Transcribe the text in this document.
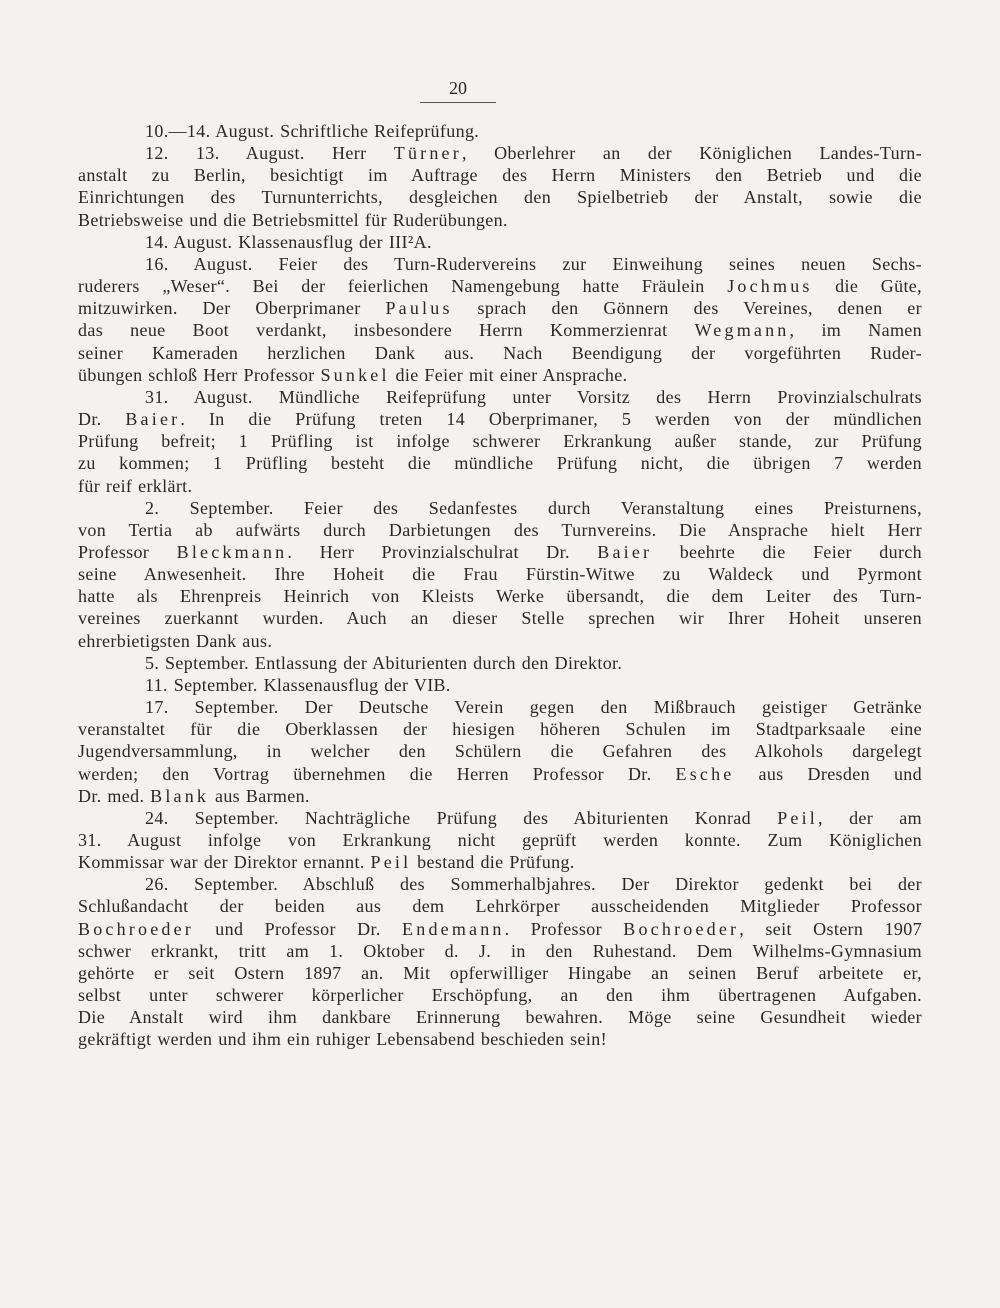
20
10.—14. August. Schriftliche Reifeprüfung.
12. 13. August. Herr Türner, Oberlehrer an der Königlichen Landes-Turn-
anstalt zu Berlin, besichtigt im Auftrage des Herrn Ministers den Betrieb und die
Einrichtungen des Turnunterrichts, desgleichen den Spielbetrieb der Anstalt, sowie die
Betriebsweise und die Betriebsmittel für Ruderübungen.
14. August. Klassenausflug der III²A.
16. August. Feier des Turn-Rudervereins zur Einweihung seines neuen Sechs-
ruderers „Weser“. Bei der feierlichen Namengebung hatte Fräulein Jochmus die Güte,
mitzuwirken. Der Oberprimaner Paulus sprach den Gönnern des Vereines, denen er
das neue Boot verdankt, insbesondere Herrn Kommerzienrat Wegmann, im Namen
seiner Kameraden herzlichen Dank aus. Nach Beendigung der vorgeführten Ruder-
übungen schloß Herr Professor Sunkel die Feier mit einer Ansprache.
31. August. Mündliche Reifeprüfung unter Vorsitz des Herrn Provinzialschulrats
Dr. Baier. In die Prüfung treten 14 Oberprimaner, 5 werden von der mündlichen
Prüfung befreit; 1 Prüfling ist infolge schwerer Erkrankung außer stande, zur Prüfung
zu kommen; 1 Prüfling besteht die mündliche Prüfung nicht, die übrigen 7 werden
für reif erklärt.
2. September. Feier des Sedanfestes durch Veranstaltung eines Preisturnens,
von Tertia ab aufwärts durch Darbietungen des Turnvereins. Die Ansprache hielt Herr
Professor Bleckmann. Herr Provinzialschulrat Dr. Baier beehrte die Feier durch
seine Anwesenheit. Ihre Hoheit die Frau Fürstin-Witwe zu Waldeck und Pyrmont
hatte als Ehrenpreis Heinrich von Kleists Werke übersandt, die dem Leiter des Turn-
vereines zuerkannt wurden. Auch an dieser Stelle sprechen wir Ihrer Hoheit unseren
ehrerbietigsten Dank aus.
5. September. Entlassung der Abiturienten durch den Direktor.
11. September. Klassenausflug der VIB.
17. September. Der Deutsche Verein gegen den Mißbrauch geistiger Getränke
veranstaltet für die Oberklassen der hiesigen höheren Schulen im Stadtparksaale eine
Jugendversammlung, in welcher den Schülern die Gefahren des Alkohols dargelegt
werden; den Vortrag übernehmen die Herren Professor Dr. Esche aus Dresden und
Dr. med. Blank aus Barmen.
24. September. Nachträgliche Prüfung des Abiturienten Konrad Peil, der am
31. August infolge von Erkrankung nicht geprüft werden konnte. Zum Königlichen
Kommissar war der Direktor ernannt. Peil bestand die Prüfung.
26. September. Abschluß des Sommerhalbjahres. Der Direktor gedenkt bei der
Schlußandacht der beiden aus dem Lehrkörper ausscheidenden Mitglieder Professor
Bochroeder und Professor Dr. Endemann. Professor Bochroeder, seit Ostern 1907
schwer erkrankt, tritt am 1. Oktober d. J. in den Ruhestand. Dem Wilhelms-Gymnasium
gehörte er seit Ostern 1897 an. Mit opferwilliger Hingabe an seinen Beruf arbeitete er,
selbst unter schwerer körperlicher Erschöpfung, an den ihm übertragenen Aufgaben.
Die Anstalt wird ihm dankbare Erinnerung bewahren. Möge seine Gesundheit wieder
gekräftigt werden und ihm ein ruhiger Lebensabend beschieden sein!
